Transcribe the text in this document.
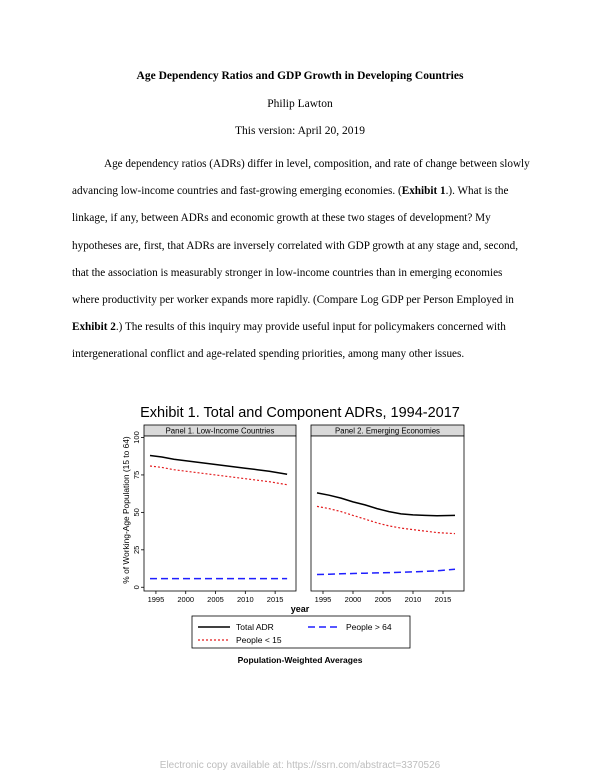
Age Dependency Ratios and GDP Growth in Developing Countries
Philip Lawton
This version: April 20, 2019

Age dependency ratios (ADRs) differ in level, composition, and rate of change between slowly advancing low-income countries and fast-growing emerging economies. (Exhibit 1.). What is the linkage, if any, between ADRs and economic growth at these two stages of development? My hypotheses are, first, that ADRs are inversely correlated with GDP growth at any stage and, second, that the association is measurably stronger in low-income countries than in emerging economies where productivity per worker expands more rapidly. (Compare Log GDP per Person Employed in Exhibit 2.) The results of this inquiry may provide useful input for policymakers concerned with intergenerational conflict and age-related spending priorities, among many other issues.

Exhibit 1. Total and Component ADRs, 1994-2017
% of Working-Age Population (15 to 64)
year
Panel 1. Low-Income Countries
0
25
50
75
100
1995 2000 2005 2010 2015
Panel 2. Emerging Economies
1995 2000 2005 2010 2015
Total ADR	People > 64
People < 15
Population-Weighted Averages
Electronic copy available at: https://ssrn.com/abstract=3370526
